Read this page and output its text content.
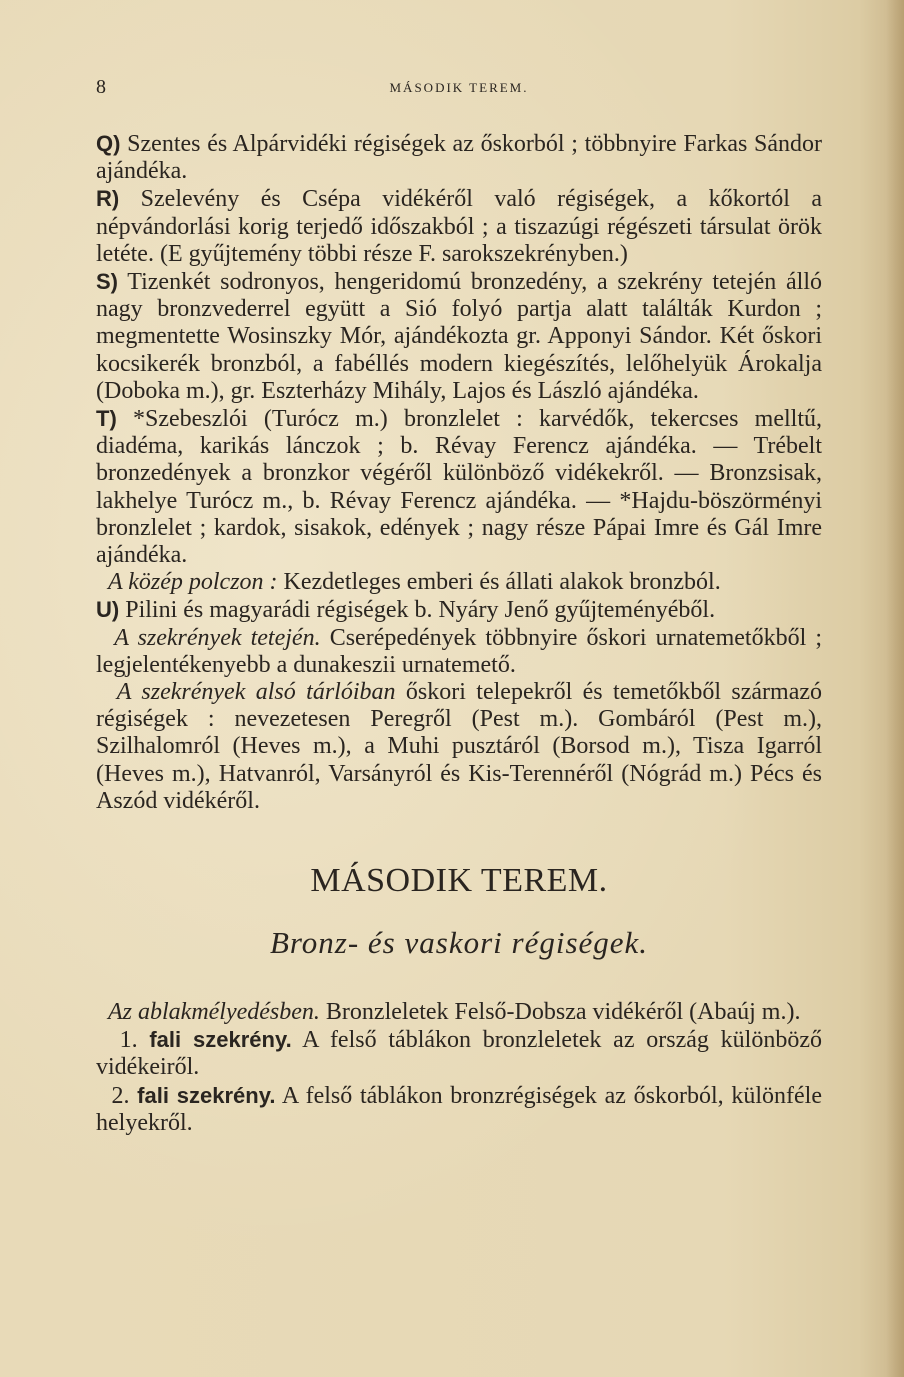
8	MÁSODIK TEREM.

Q) Szentes és Alpárvidéki régiségek az őskorból ; többnyire Farkas Sándor ajándéka.

R) Szelevény és Csépa vidékéről való régiségek, a kőkortól a népvándorlási korig terjedő időszakból ; a tiszazúgi régészeti társulat örök letéte. (E gyűjtemény többi része F. sarokszekrényben.)

S) Tizenkét sodronyos, hengeridomú bronzedény, a szekrény tetején álló nagy bronzvederrel együtt a Sió folyó partja alatt találták Kurdon ; megmentette Wosinszky Mór, ajándékozta gr. Apponyi Sándor. Két őskori kocsikerék bronzból, a fabéllés modern kiegészítés, lelőhelyük Árokalja (Doboka m.), gr. Eszterházy Mihály, Lajos és László ajándéka.

T) *Szebeszlói (Turócz m.) bronzlelet : karvédők, tekercses melltű, diadéma, karikás lánczok ; b. Révay Ferencz ajándéka. — Trébelt bronzedények a bronzkor végéről különböző vidékekről. — Bronzsisak, lakhelye Turócz m., b. Révay Ferencz ajándéka. — *Hajdu-böszörményi bronzlelet ; kardok, sisakok, edények ; nagy része Pápai Imre és Gál Imre ajándéka.

A közép polczon : Kezdetleges emberi és állati alakok bronzból.

U) Pilini és magyarádi régiségek b. Nyáry Jenő gyűjteményéből.

A szekrények tetején. Cserépedények többnyire őskori urnatemetőkből ; legjelentékenyebb a dunakeszii urnatemető.

A szekrények alsó tárlóiban őskori telepekről és temetőkből származó régiségek : nevezetesen Peregről (Pest m.). Gombáról (Pest m.), Szilhalomról (Heves m.), a Muhi pusztáról (Borsod m.), Tisza Igarról (Heves m.), Hatvanról, Varsányról és Kis-Terennéről (Nógrád m.) Pécs és Aszód vidékéről.

MÁSODIK TEREM.
Bronz- és vaskori régiségek.

Az ablakmélyedésben. Bronzleletek Felső-Dobsza vidékéről (Abaúj m.).

1. fali szekrény. A felső táblákon bronzleletek az ország különböző vidékeiről.

2. fali szekrény. A felső táblákon bronzrégiségek az őskorból, különféle helyekről.
